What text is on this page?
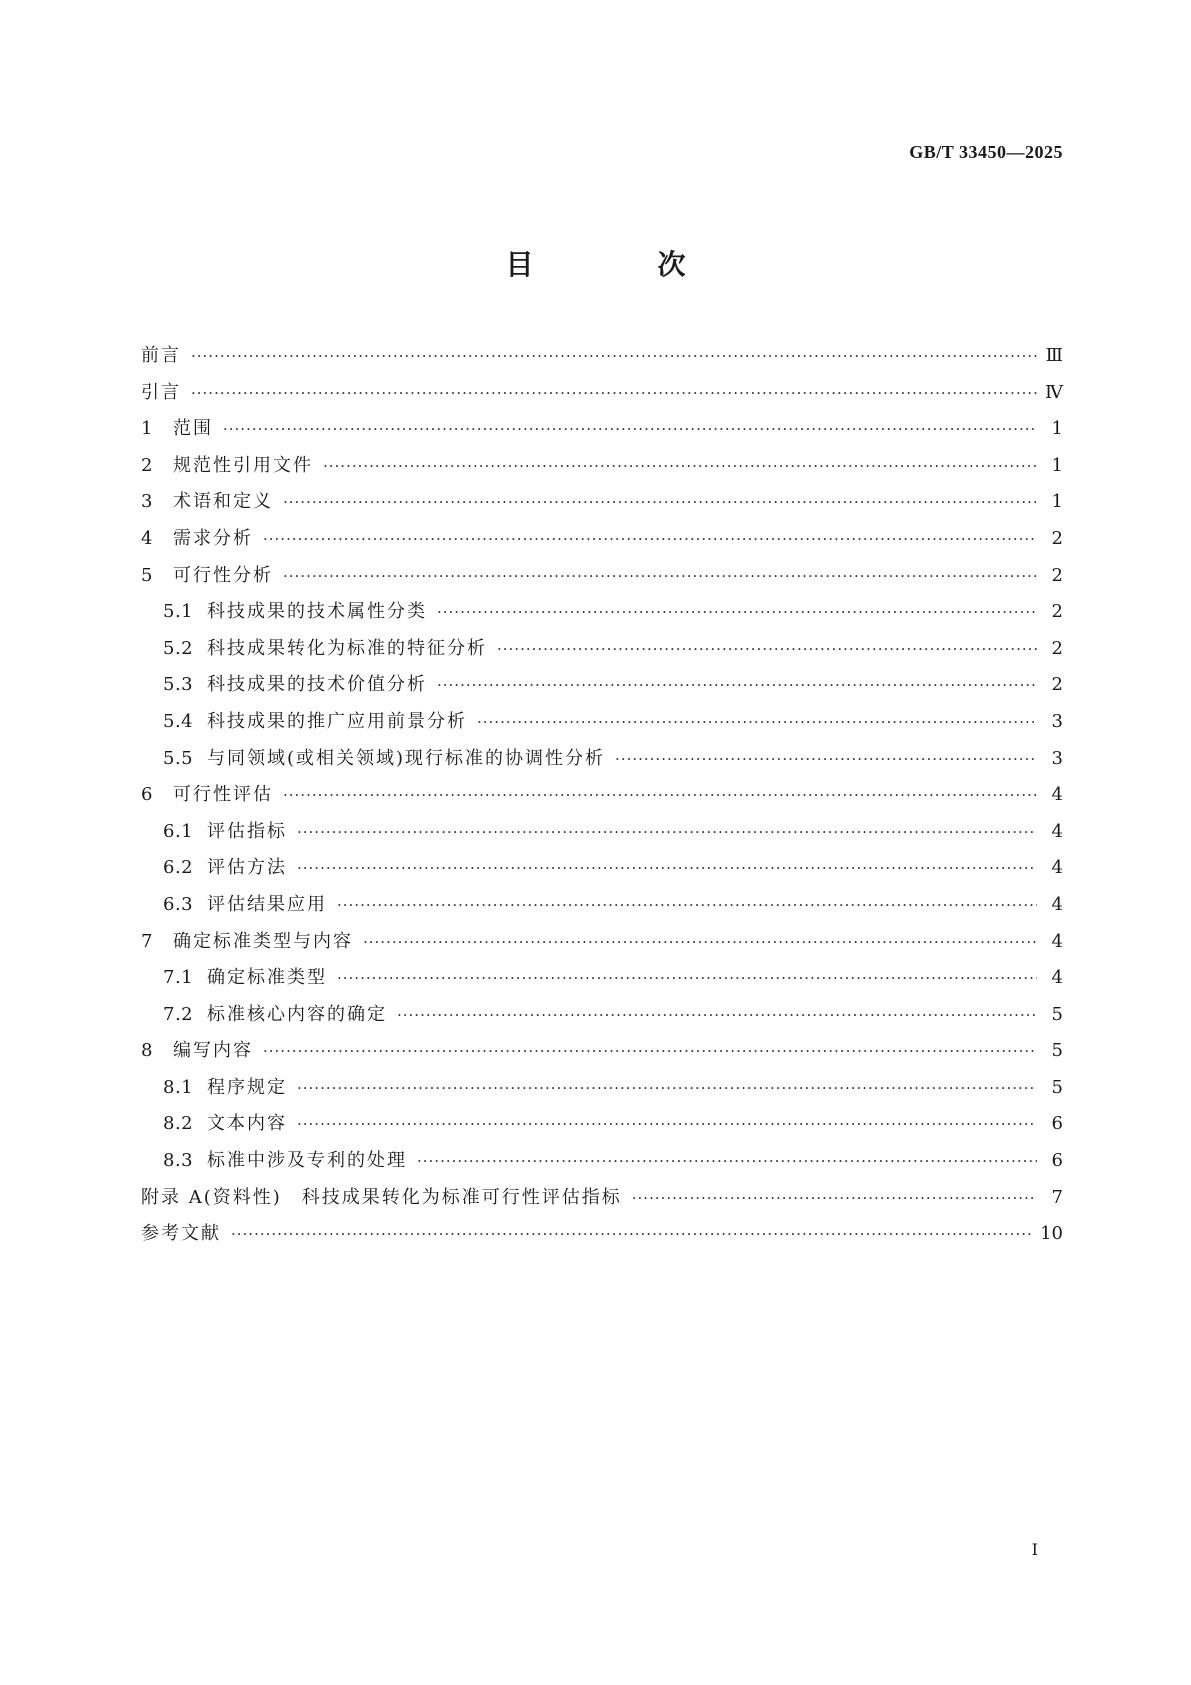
GB/T 33450—2025
目　次
前言 ·····	Ⅲ
引言 ·····	Ⅳ
1	范围 ·····	1
2	规范性引用文件 ·····	1
3	术语和定义 ·····	1
4	需求分析 ·····	2
5	可行性分析 ·····	2
5.1 科技成果的技术属性分类 ·····	2
5.2 科技成果转化为标准的特征分析 ·····	2
5.3 科技成果的技术价值分析 ·····	2
5.4 科技成果的推广应用前景分析 ·····	3
5.5 与同领域(或相关领域)现行标准的协调性分析 ·····	3
6	可行性评估 ·····	4
6.1 评估指标 ·····	4
6.2 评估方法 ·····	4
6.3 评估结果应用 ·····	4
7	确定标准类型与内容 ·····	4
7.1 确定标准类型 ·····	4
7.2 标准核心内容的确定 ·····	5
8	编写内容 ·····	5
8.1 程序规定 ·····	5
8.2 文本内容 ·····	6
8.3 标准中涉及专利的处理 ·····	6
附录 A(资料性)	科技成果转化为标准可行性评估指标 ·····	7
参考文献 ·····	10
Ⅰ
